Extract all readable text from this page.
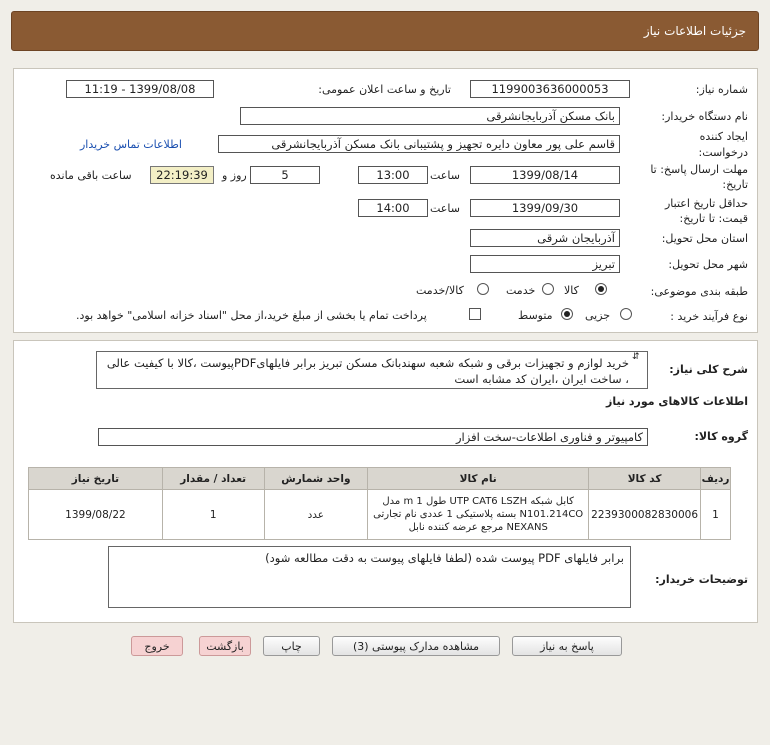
جزئیات اطلاعات نیاز
شماره نیاز:
1199003636000053
تاریخ و ساعت اعلان عمومی:
1399/08/08 - 11:19
نام دستگاه خریدار:
بانک مسکن آذربایجانشرقی
ایجاد کننده درخواست:
قاسم علی پور معاون دایره تجهیز و پشتیبانی بانک مسکن آذربایجانشرقی
اطلاعات تماس خریدار
مهلت ارسال پاسخ: تا تاریخ:
1399/08/14
ساعت
13:00
5
روز و
22:19:39
ساعت باقی مانده
حداقل تاریخ اعتبار قیمت: تا تاریخ:
1399/09/30
ساعت
14:00
استان محل تحویل:
آذربایجان شرقی
شهر محل تحویل:
تبریز
طبقه بندی موضوعی:
کالا
خدمت
کالا/خدمت
نوع فرآیند خرید :
جزیی
متوسط
پرداخت تمام یا بخشی از مبلغ خرید،از محل "اسناد خزانه اسلامی" خواهد بود.
شرح کلی نیاز:
خرید لوازم و تجهیزات برقی و شبکه شعبه سهندبانک مسکن تبریز برابر فایلهایPDFپیوست ،کالا با کیفیت عالی ، ساخت ایران ،ایران کد مشابه است
⇵
اطلاعات کالاهای مورد نیاز
گروه کالا:
کامپیوتر و فناوری اطلاعات-سخت افزار
ردیف	کد کالا	نام کالا	واحد شمارش	تعداد / مقدار	تاریخ نیاز
1	2239300082830006	کابل شبکه UTP CAT6 LSZH طول 1 m مدل N101.214CO بسته پلاستیکی 1 عددی نام تجارتی NEXANS مرجع عرضه کننده نابل	عدد	1	1399/08/22
توضیحات خریدار:
برابر فایلهای PDF پیوست شده (لطفا فایلهای پیوست به دقت مطالعه شود)
پاسخ به نیاز
مشاهده مدارک پیوستی (3)
چاپ
بازگشت
خروج
